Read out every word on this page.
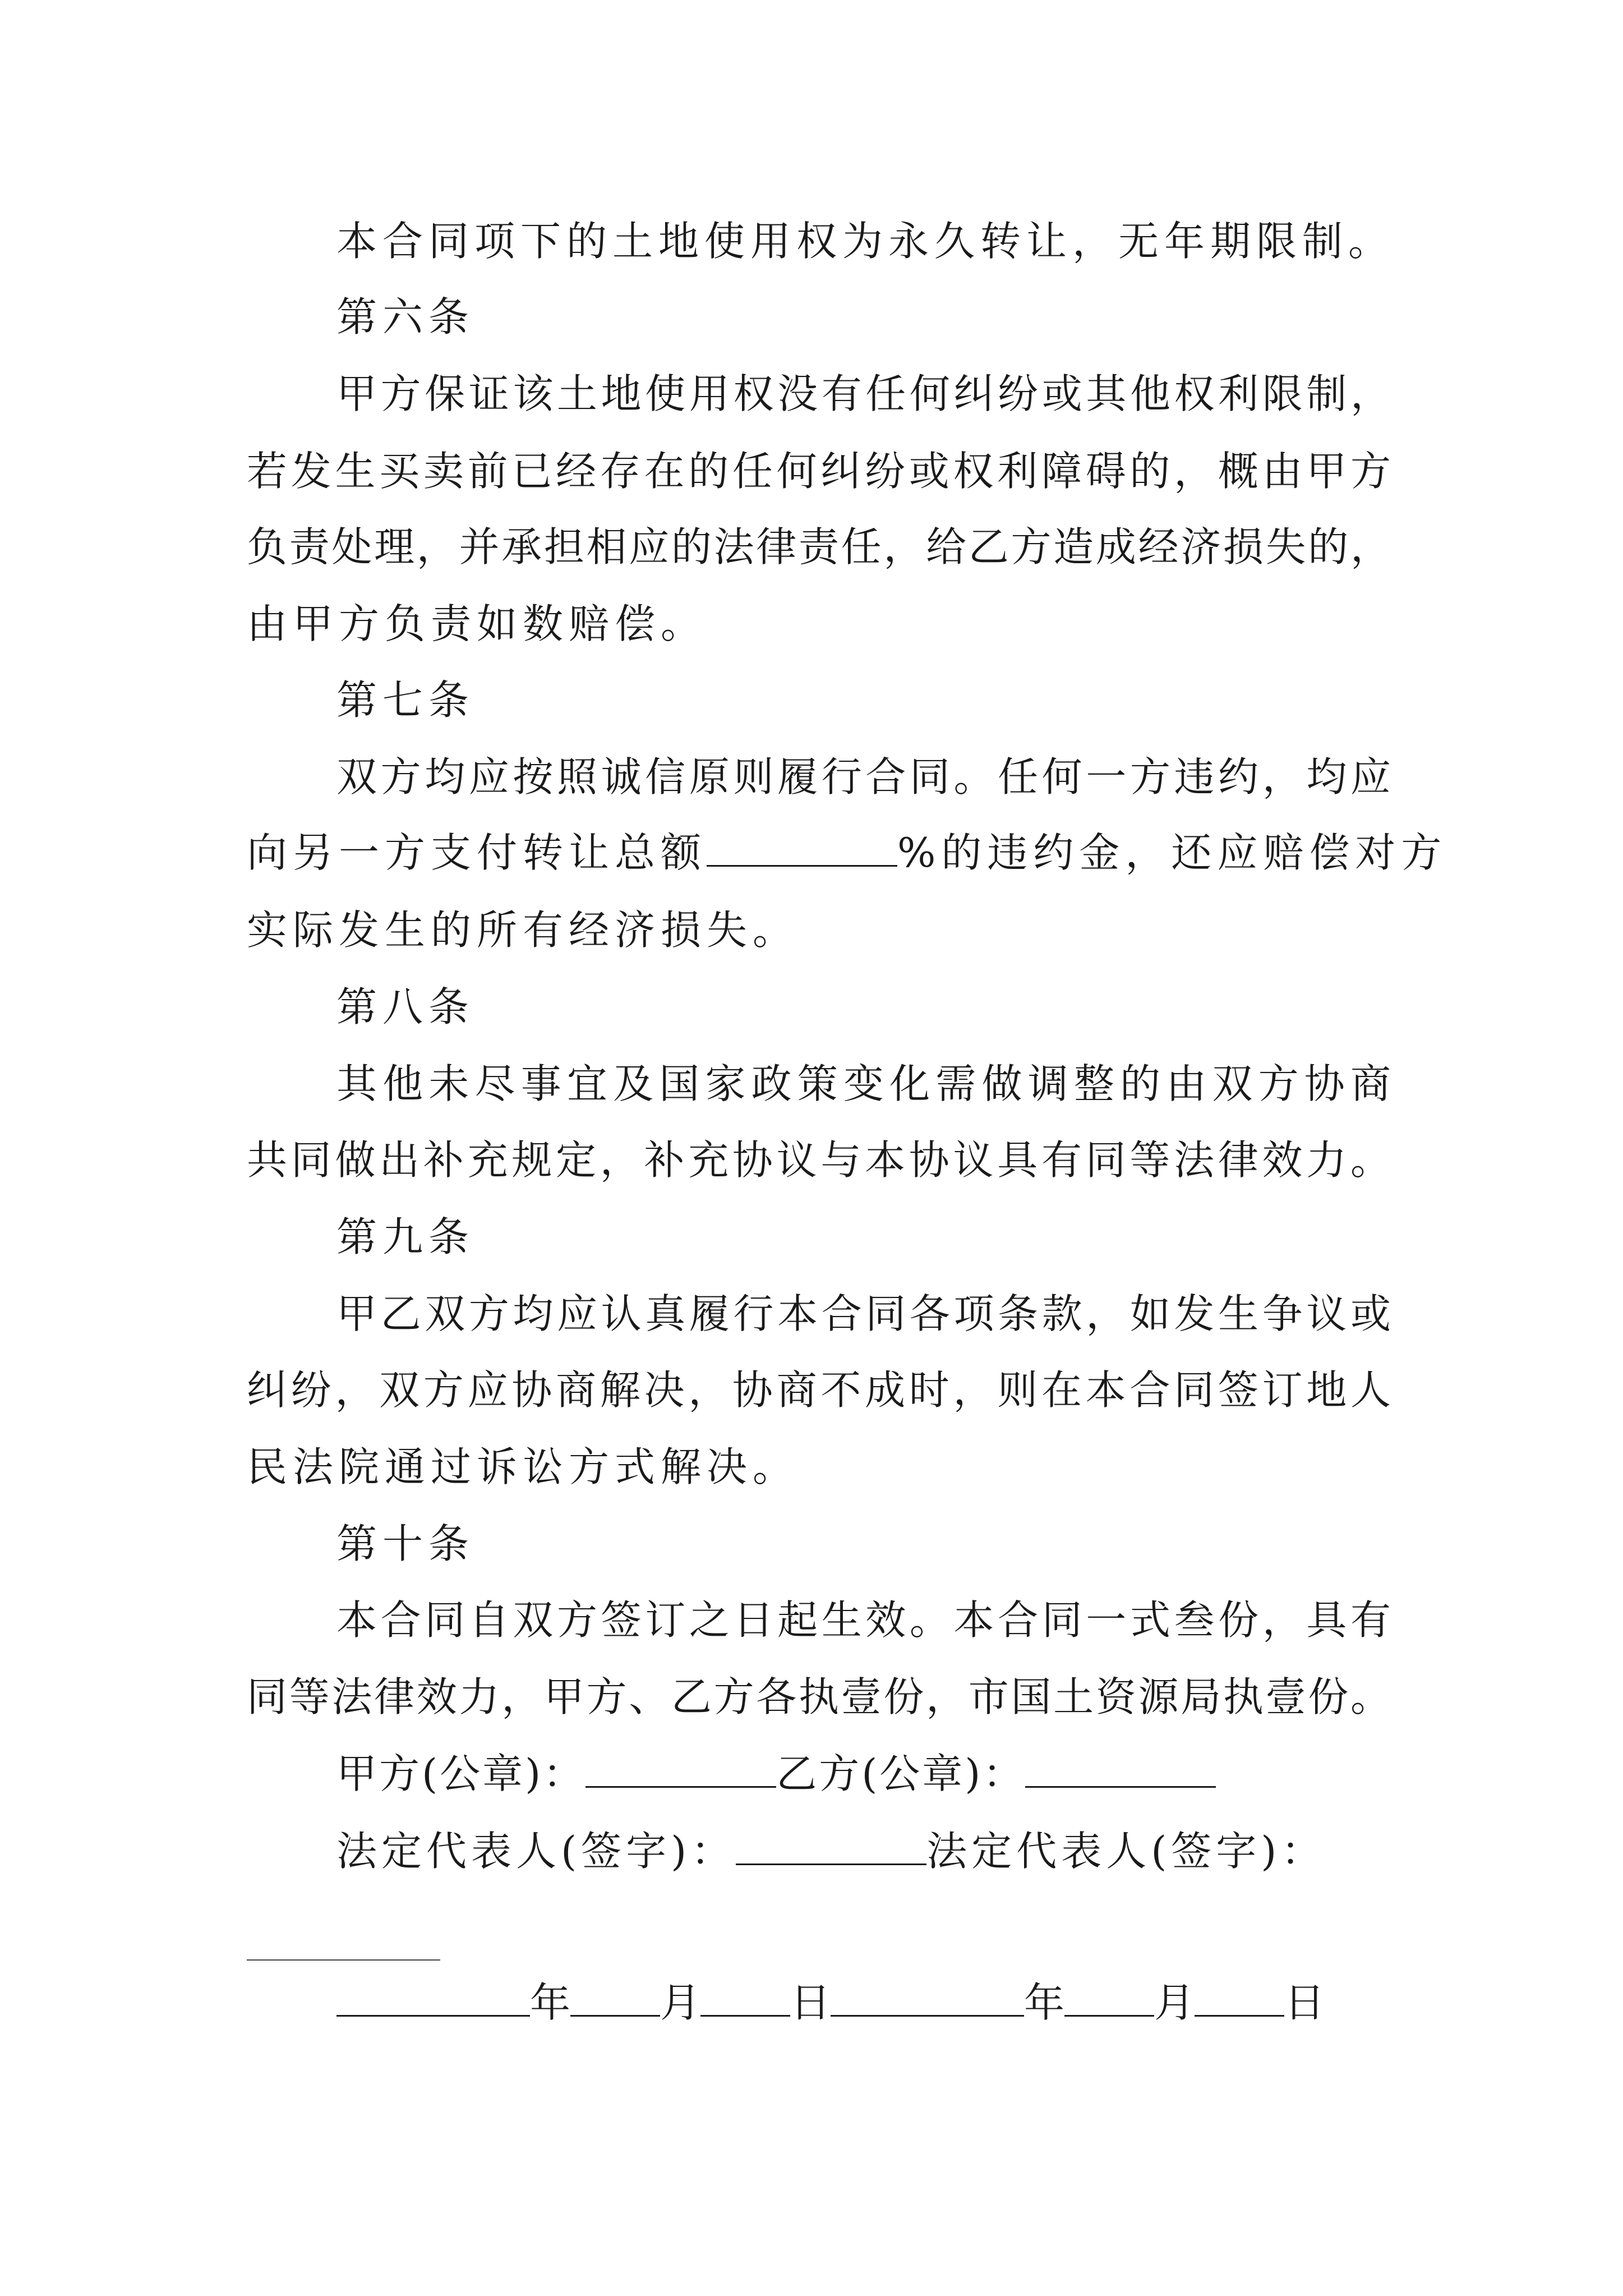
本合同项下的土地使用权为永久转让，无年期限制。
第六条
甲方保证该土地使用权没有任何纠纷或其他权利限制，
若发生买卖前已经存在的任何纠纷或权利障碍的，概由甲方
负责处理，并承担相应的法律责任，给乙方造成经济损失的，
由甲方负责如数赔偿。
第七条
双方均应按照诚信原则履行合同。任何一方违约，均应
向另一方支付转让总额	%的违约金，还应赔偿对方
实际发生的所有经济损失。
第八条
其他未尽事宜及国家政策变化需做调整的由双方协商
共同做出补充规定，补充协议与本协议具有同等法律效力。
第九条
甲乙双方均应认真履行本合同各项条款，如发生争议或
纠纷，双方应协商解决，协商不成时，则在本合同签订地人
民法院通过诉讼方式解决。
第十条
本合同自双方签订之日起生效。本合同一式叁份，具有
同等法律效力，甲方、乙方各执壹份，市国土资源局执壹份。
甲方(公章)：	乙方(公章)：
法定代表人(签字)：	法定代表人(签字)：
年 月 日	年 月 日
